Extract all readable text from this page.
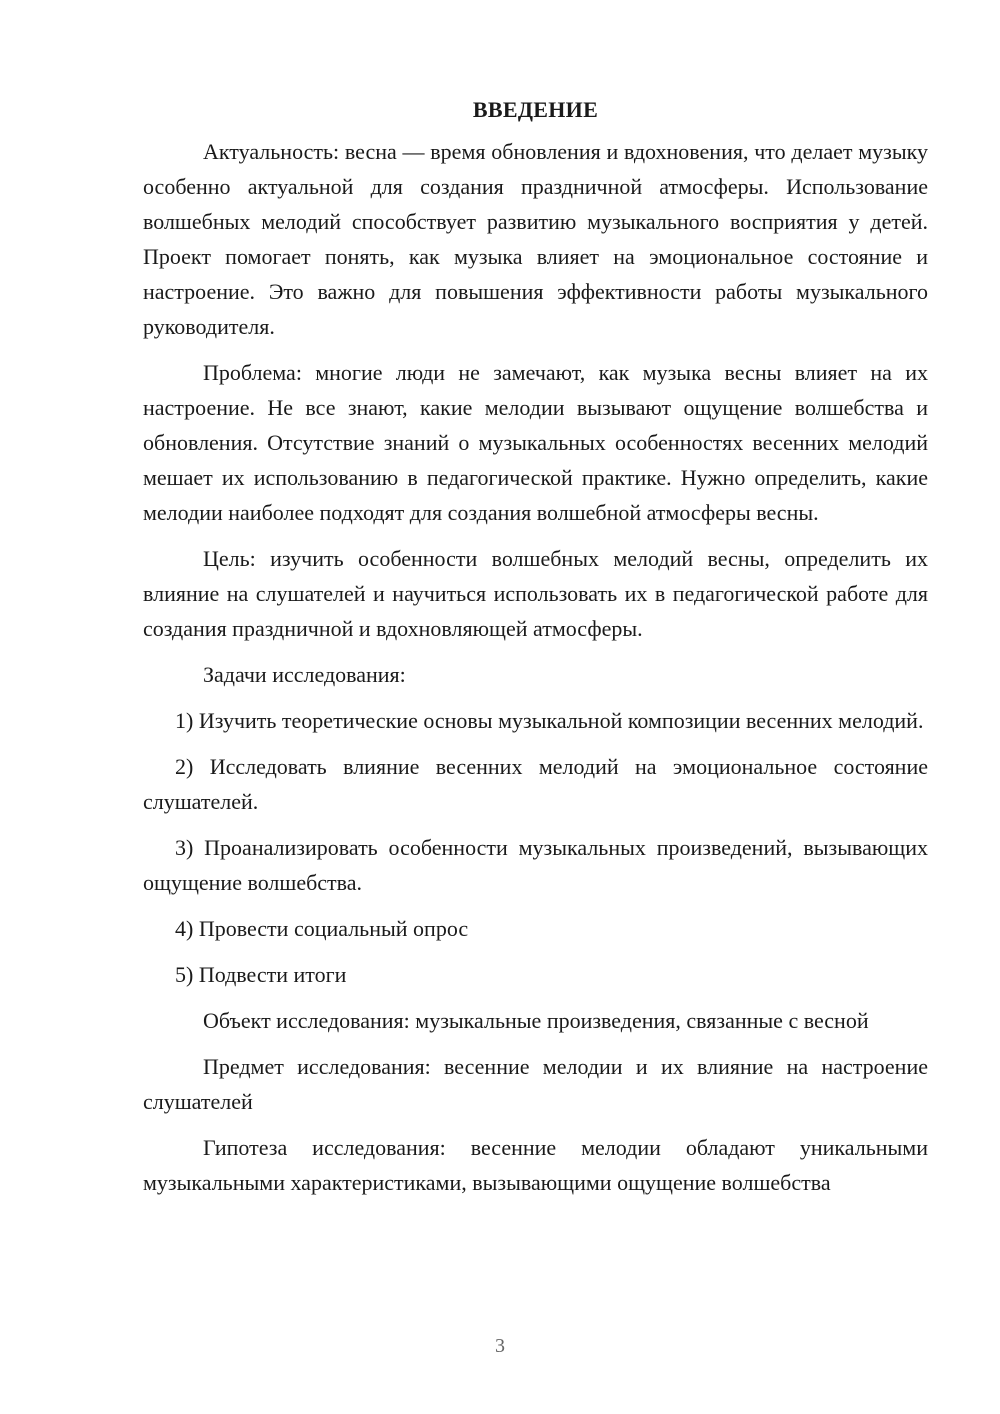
ВВЕДЕНИЕ

Актуальность: весна — время обновления и вдохновения, что делает музыку особенно актуальной для создания праздничной атмосферы. Использование волшебных мелодий способствует развитию музыкального восприятия у детей. Проект помогает понять, как музыка влияет на эмоциональное состояние и настроение. Это важно для повышения эффективности работы музыкального руководителя.

Проблема: многие люди не замечают, как музыка весны влияет на их настроение. Не все знают, какие мелодии вызывают ощущение волшебства и обновления. Отсутствие знаний о музыкальных особенностях весенних мелодий мешает их использованию в педагогической практике. Нужно определить, какие мелодии наиболее подходят для создания волшебной атмосферы весны.

Цель: изучить особенности волшебных мелодий весны, определить их влияние на слушателей и научиться использовать их в педагогической работе для создания праздничной и вдохновляющей атмосферы.

Задачи исследования:

1) Изучить теоретические основы музыкальной композиции весенних мелодий.

2) Исследовать влияние весенних мелодий на эмоциональное состояние слушателей.

3) Проанализировать особенности музыкальных произведений, вызывающих ощущение волшебства.

4) Провести социальный опрос

5) Подвести итоги

Объект исследования: музыкальные произведения, связанные с весной

Предмет исследования: весенние мелодии и их влияние на настроение слушателей

Гипотеза исследования: весенние мелодии обладают уникальными музыкальными характеристиками, вызывающими ощущение волшебства

3
